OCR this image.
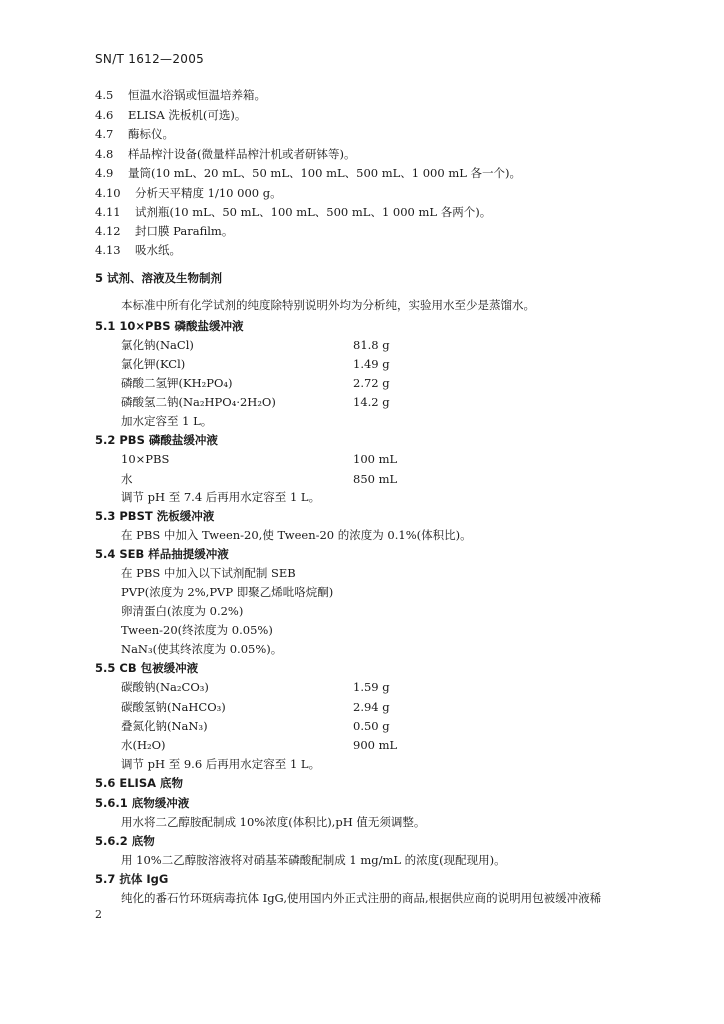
SN/T 1612—2005
4.5 恒温水浴锅或恒温培养箱。
4.6 ELISA 洗板机(可选)。
4.7 酶标仪。
4.8 样品榨汁设备(微量样品榨汁机或者研钵等)。
4.9 量筒(10 mL、20 mL、50 mL、100 mL、500 mL、1 000 mL 各一个)。
4.10 分析天平精度 1/10 000 g。
4.11 试剂瓶(10 mL、50 mL、100 mL、500 mL、1 000 mL 各两个)。
4.12 封口膜 Parafilm。
4.13 吸水纸。
5 试剂、溶液及生物制剂
本标准中所有化学试剂的纯度除特别说明外均为分析纯，实验用水至少是蒸馏水。
5.1 10×PBS 磷酸盐缓冲液
氯化钠(NaCl)	81.8 g
氯化钾(KCl)	1.49 g
磷酸二氢钾(KH₂PO₄)	2.72 g
磷酸氢二钠(Na₂HPO₄·2H₂O)	14.2 g
加水定容至 1 L。
5.2 PBS 磷酸盐缓冲液
10×PBS	100 mL
水	850 mL
调节 pH 至 7.4 后再用水定容至 1 L。
5.3 PBST 洗板缓冲液
在 PBS 中加入 Tween-20,使 Tween-20 的浓度为 0.1%(体积比)。
5.4 SEB 样品抽提缓冲液
在 PBS 中加入以下试剂配制 SEB
PVP(浓度为 2%,PVP 即聚乙烯吡咯烷酮)
卵清蛋白(浓度为 0.2%)
Tween-20(终浓度为 0.05%)
NaN₃(使其终浓度为 0.05%)。
5.5 CB 包被缓冲液
碳酸钠(Na₂CO₃)	1.59 g
碳酸氢钠(NaHCO₃)	2.94 g
叠氮化钠(NaN₃)	0.50 g
水(H₂O)	900 mL
调节 pH 至 9.6 后再用水定容至 1 L。
5.6 ELISA 底物
5.6.1 底物缓冲液
用水将二乙醇胺配制成 10%浓度(体积比),pH 值无须调整。
5.6.2 底物
用 10%二乙醇胺溶液将对硝基苯磷酸配制成 1 mg/mL 的浓度(现配现用)。
5.7 抗体 IgG
纯化的番石竹环斑病毒抗体 IgG,使用国内外正式注册的商品,根据供应商的说明用包被缓冲液稀
2
